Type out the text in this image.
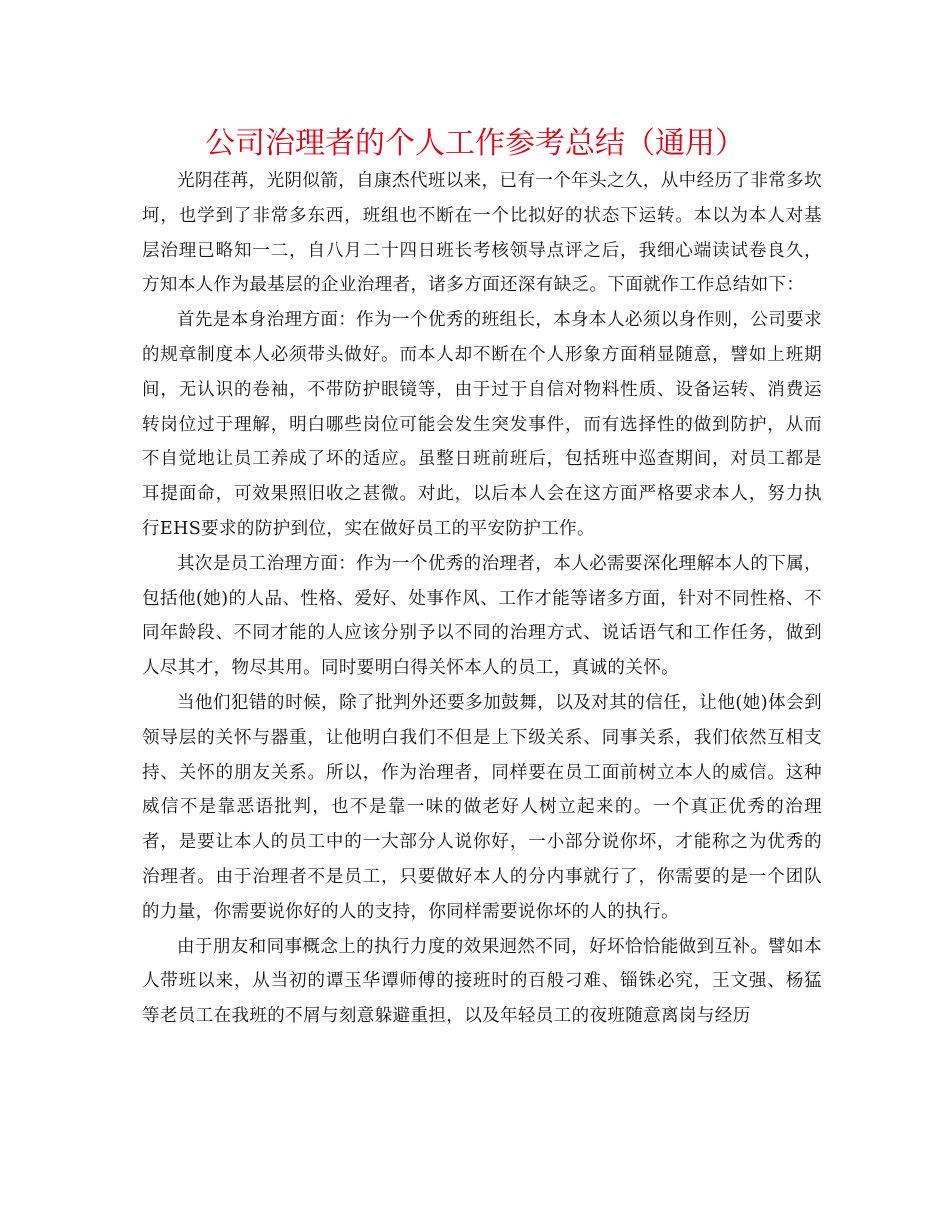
公司治理者的个人工作参考总结（通用）

光阴荏苒，光阴似箭，自康杰代班以来，已有一个年头之久，从中经历了非常多坎坷，也学到了非常多东西，班组也不断在一个比拟好的状态下运转。本以为本人对基层治理已略知一二，自八月二十四日班长考核领导点评之后，我细心端读试卷良久，方知本人作为最基层的企业治理者，诸多方面还深有缺乏。下面就作工作总结如下：

首先是本身治理方面：作为一个优秀的班组长，本身本人必须以身作则，公司要求的规章制度本人必须带头做好。而本人却不断在个人形象方面稍显随意，譬如上班期间，无认识的卷袖，不带防护眼镜等，由于过于自信对物料性质、设备运转、消费运转岗位过于理解，明白哪些岗位可能会发生突发事件，而有选择性的做到防护，从而不自觉地让员工养成了坏的适应。虽整日班前班后，包括班中巡查期间，对员工都是耳提面命，可效果照旧收之甚微。对此，以后本人会在这方面严格要求本人，努力执行EHS要求的防护到位，实在做好员工的平安防护工作。

其次是员工治理方面：作为一个优秀的治理者，本人必需要深化理解本人的下属，包括他(她)的人品、性格、爱好、处事作风、工作才能等诸多方面，针对不同性格、不同年龄段、不同才能的人应该分别予以不同的治理方式、说话语气和工作任务，做到人尽其才，物尽其用。同时要明白得关怀本人的员工，真诚的关怀。

当他们犯错的时候，除了批判外还要多加鼓舞，以及对其的信任，让他(她)体会到领导层的关怀与器重，让他明白我们不但是上下级关系、同事关系，我们依然互相支持、关怀的朋友关系。所以，作为治理者，同样要在员工面前树立本人的威信。这种威信不是靠恶语批判，也不是靠一味的做老好人树立起来的。一个真正优秀的治理者，是要让本人的员工中的一大部分人说你好，一小部分说你坏，才能称之为优秀的治理者。由于治理者不是员工，只要做好本人的分内事就行了，你需要的是一个团队的力量，你需要说你好的人的支持，你同样需要说你坏的人的执行。

由于朋友和同事概念上的执行力度的效果迥然不同，好坏恰恰能做到互补。譬如本人带班以来，从当初的谭玉华谭师傅的接班时的百般刁难、锱铢必究，王文强、杨猛等老员工在我班的不屑与刻意躲避重担，以及年轻员工的夜班随意离岗与经历
